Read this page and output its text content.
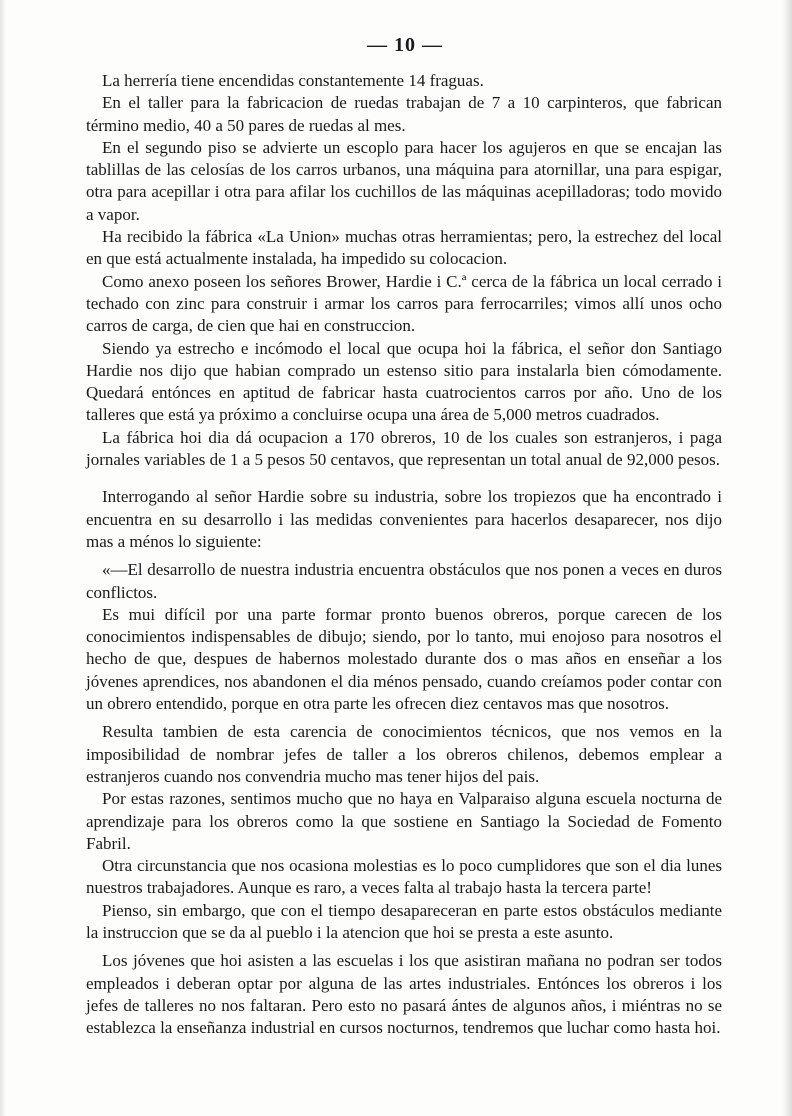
— 10 —

La herrería tiene encendidas constantemente 14 fraguas.

En el taller para la fabricacion de ruedas trabajan de 7 a 10 carpinteros, que fabrican término medio, 40 a 50 pares de ruedas al mes.

En el segundo piso se advierte un escoplo para hacer los agujeros en que se encajan las tablillas de las celosías de los carros urbanos, una máquina para atornillar, una para espigar, otra para acepillar i otra para afilar los cuchillos de las máquinas acepilladoras; todo movido a vapor.

Ha recibido la fábrica «La Union» muchas otras herramientas; pero, la estrechez del local en que está actualmente instalada, ha impedido su colocacion.

Como anexo poseen los señores Brower, Hardie i C.ª cerca de la fábrica un local cerrado i techado con zinc para construir i armar los carros para ferrocarriles; vimos allí unos ocho carros de carga, de cien que hai en construccion.

Siendo ya estrecho e incómodo el local que ocupa hoi la fábrica, el señor don Santiago Hardie nos dijo que habian comprado un estenso sitio para instalarla bien cómodamente. Quedará entónces en aptitud de fabricar hasta cuatrocientos carros por año. Uno de los talleres que está ya próximo a concluirse ocupa una área de 5,000 metros cuadrados.

La fábrica hoi dia dá ocupacion a 170 obreros, 10 de los cuales son estranjeros, i paga jornales variables de 1 a 5 pesos 50 centavos, que representan un total anual de 92,000 pesos.

Interrogando al señor Hardie sobre su industria, sobre los tropiezos que ha encontrado i encuentra en su desarrollo i las medidas convenientes para hacerlos desaparecer, nos dijo mas a ménos lo siguiente:

«—El desarrollo de nuestra industria encuentra obstáculos que nos ponen a veces en duros conflictos.

Es mui difícil por una parte formar pronto buenos obreros, porque carecen de los conocimientos indispensables de dibujo; siendo, por lo tanto, mui enojoso para nosotros el hecho de que, despues de habernos molestado durante dos o mas años en enseñar a los jóvenes aprendices, nos abandonen el dia ménos pensado, cuando creíamos poder contar con un obrero entendido, porque en otra parte les ofrecen diez centavos mas que nosotros.

Resulta tambien de esta carencia de conocimientos técnicos, que nos vemos en la imposibilidad de nombrar jefes de taller a los obreros chilenos, debemos emplear a estranjeros cuando nos convendria mucho mas tener hijos del pais.

Por estas razones, sentimos mucho que no haya en Valparaiso alguna escuela nocturna de aprendizaje para los obreros como la que sostiene en Santiago la Sociedad de Fomento Fabril.

Otra circunstancia que nos ocasiona molestias es lo poco cumplidores que son el dia lunes nuestros trabajadores. Aunque es raro, a veces falta al trabajo hasta la tercera parte!

Pienso, sin embargo, que con el tiempo desapareceran en parte estos obstáculos mediante la instruccion que se da al pueblo i la atencion que hoi se presta a este asunto.

Los jóvenes que hoi asisten a las escuelas i los que asistiran mañana no podran ser todos empleados i deberan optar por alguna de las artes industriales. Entónces los obreros i los jefes de talleres no nos faltaran. Pero esto no pasará ántes de algunos años, i miéntras no se establezca la enseñanza industrial en cursos nocturnos, tendremos que luchar como hasta hoi.
